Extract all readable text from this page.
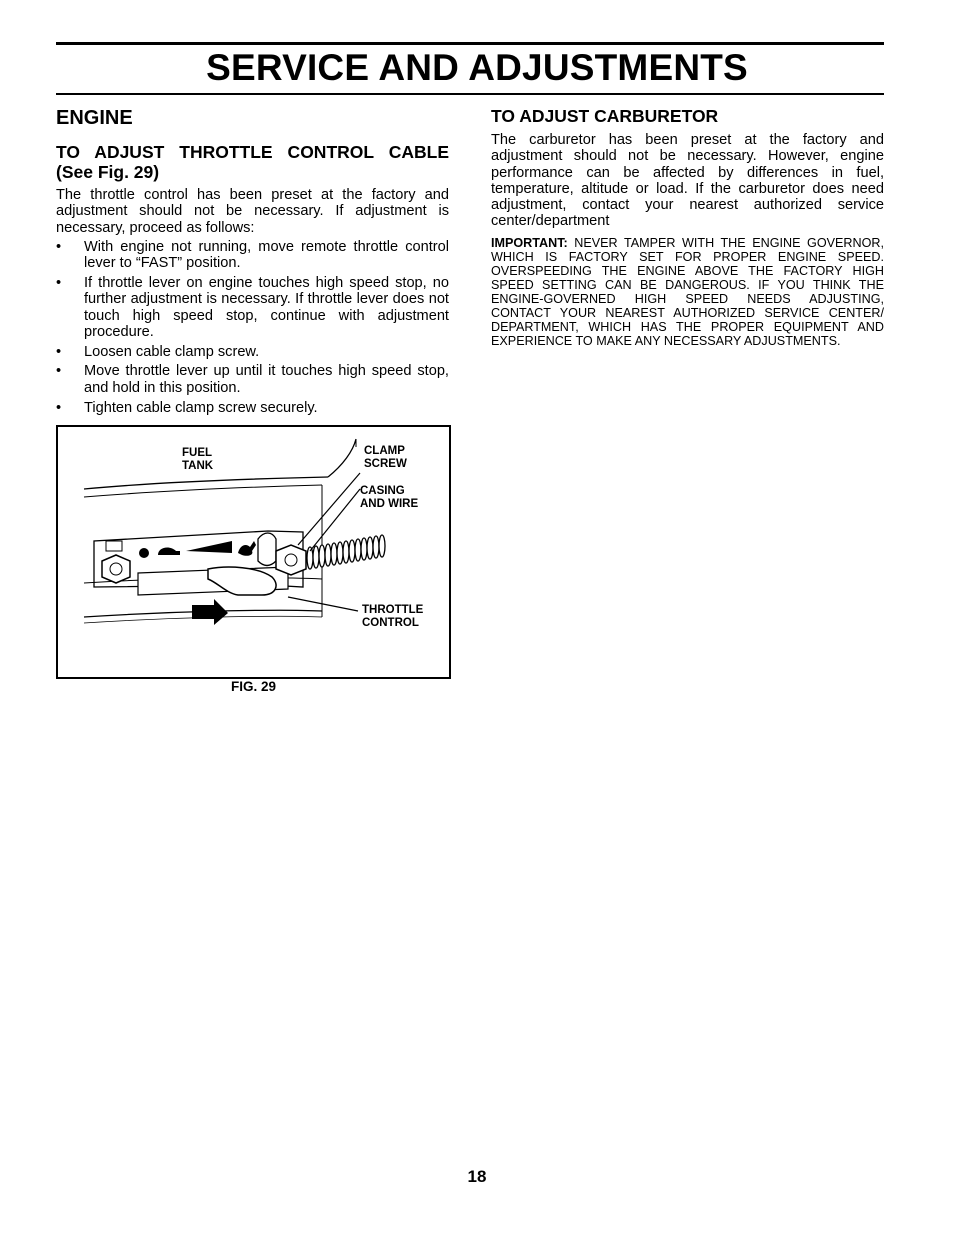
SERVICE AND ADJUSTMENTS
ENGINE
TO ADJUST THROTTLE CONTROL CABLE (See Fig. 29)

The throttle control has been preset at the factory and adjustment should not be necessary. If adjustment is necessary, proceed as follows:

• With engine not running, move remote throttle control lever to “FAST” position.
• If throttle lever on engine touches high speed stop, no further adjustment is necessary. If throttle lever does not touch high speed stop, continue with adjustment procedure.
• Loosen cable clamp screw.
• Move throttle lever up until it touches high speed stop, and hold in this position.
• Tighten cable clamp screw securely.
FUEL
TANK
CLAMP
SCREW
CASING
AND WIRE
THROTTLE
CONTROL
FIG. 29
TO ADJUST CARBURETOR

The carburetor has been preset at the factory and adjustment should not be necessary. However, engine performance can be affected by differences in fuel, temperature, altitude or load. If the carburetor does need adjustment, contact your nearest authorized service center/department

IMPORTANT: NEVER TAMPER WITH THE ENGINE GOVERNOR, WHICH IS FACTORY SET FOR PROPER ENGINE SPEED. OVERSPEEDING THE ENGINE ABOVE THE FACTORY HIGH SPEED SETTING CAN BE DANGEROUS. IF YOU THINK THE ENGINE-GOVERNED HIGH SPEED NEEDS ADJUSTING, CONTACT YOUR NEAREST AUTHORIZED SERVICE CENTER/ DEPARTMENT, WHICH HAS THE PROPER EQUIPMENT AND EXPERIENCE TO MAKE ANY NECESSARY ADJUSTMENTS.

18
